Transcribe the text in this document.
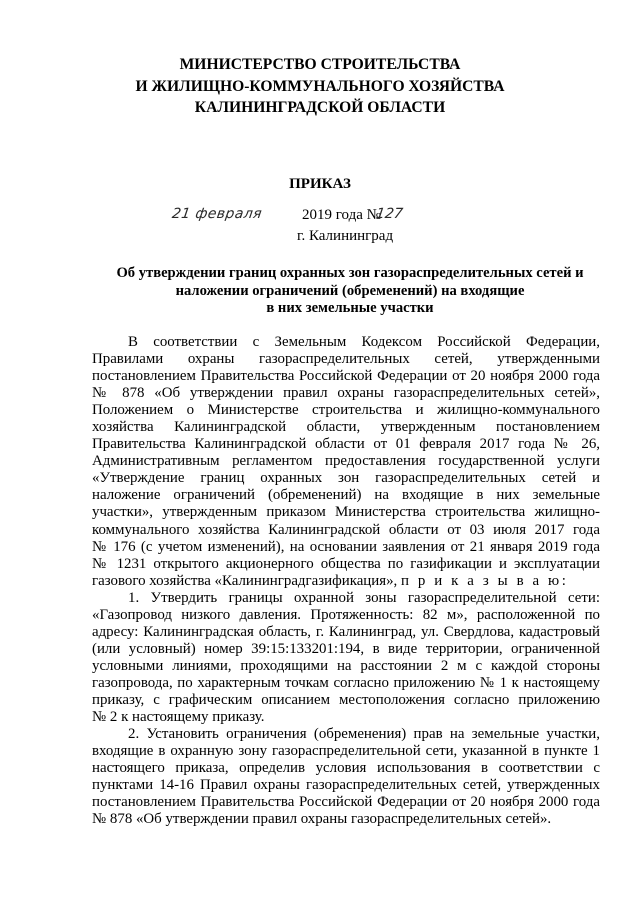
МИНИСТЕРСТВО СТРОИТЕЛЬСТВА
И ЖИЛИЩНО-КОММУНАЛЬНОГО ХОЗЯЙСТВА
КАЛИНИНГРАДСКОЙ ОБЛАСТИ
ПРИКАЗ
21 февраля	2019 года №
127
г. Калининград
Об утверждении границ охранных зон газораспределительных сетей и
наложении ограничений (обременений) на входящие
в них земельные участки
В соответствии с Земельным Кодексом Российской Федерации,
Правилами охраны газораспределительных сетей, утвержденными
постановлением Правительства Российской Федерации от 20 ноября 2000 года
№ 878 «Об утверждении правил охраны газораспределительных сетей»,
Положением о Министерстве строительства и жилищно-коммунального
хозяйства Калининградской области, утвержденным постановлением
Правительства Калининградской области от 01 февраля 2017 года № 26,
Административным регламентом предоставления государственной услуги
«Утверждение границ охранных зон газораспределительных сетей и
наложение ограничений (обременений) на входящие в них земельные
участки», утвержденным приказом Министерства строительства жилищно-
коммунального хозяйства Калининградской области от 03 июля 2017 года
№ 176 (с учетом изменений), на основании заявления от 21 января 2019 года
№ 1231 открытого акционерного общества по газификации и эксплуатации
газового хозяйства «Калининградгазификация», п р и к а з ы в а ю:
1. Утвердить границы охранной зоны газораспределительной сети:
«Газопровод низкого давления. Протяженность: 82 м», расположенной по
адресу: Калининградская область, г. Калининград, ул. Свердлова, кадастровый
(или условный) номер 39:15:133201:194, в виде территории, ограниченной
условными линиями, проходящими на расстоянии 2 м с каждой стороны
газопровода, по характерным точкам согласно приложению № 1 к настоящему
приказу, с графическим описанием местоположения согласно приложению
№ 2 к настоящему приказу.
2. Установить ограничения (обременения) прав на земельные участки,
входящие в охранную зону газораспределительной сети, указанной в пункте 1
настоящего приказа, определив условия использования в соответствии с
пунктами 14-16 Правил охраны газораспределительных сетей, утвержденных
постановлением Правительства Российской Федерации от 20 ноября 2000 года
№ 878 «Об утверждении правил охраны газораспределительных сетей».
